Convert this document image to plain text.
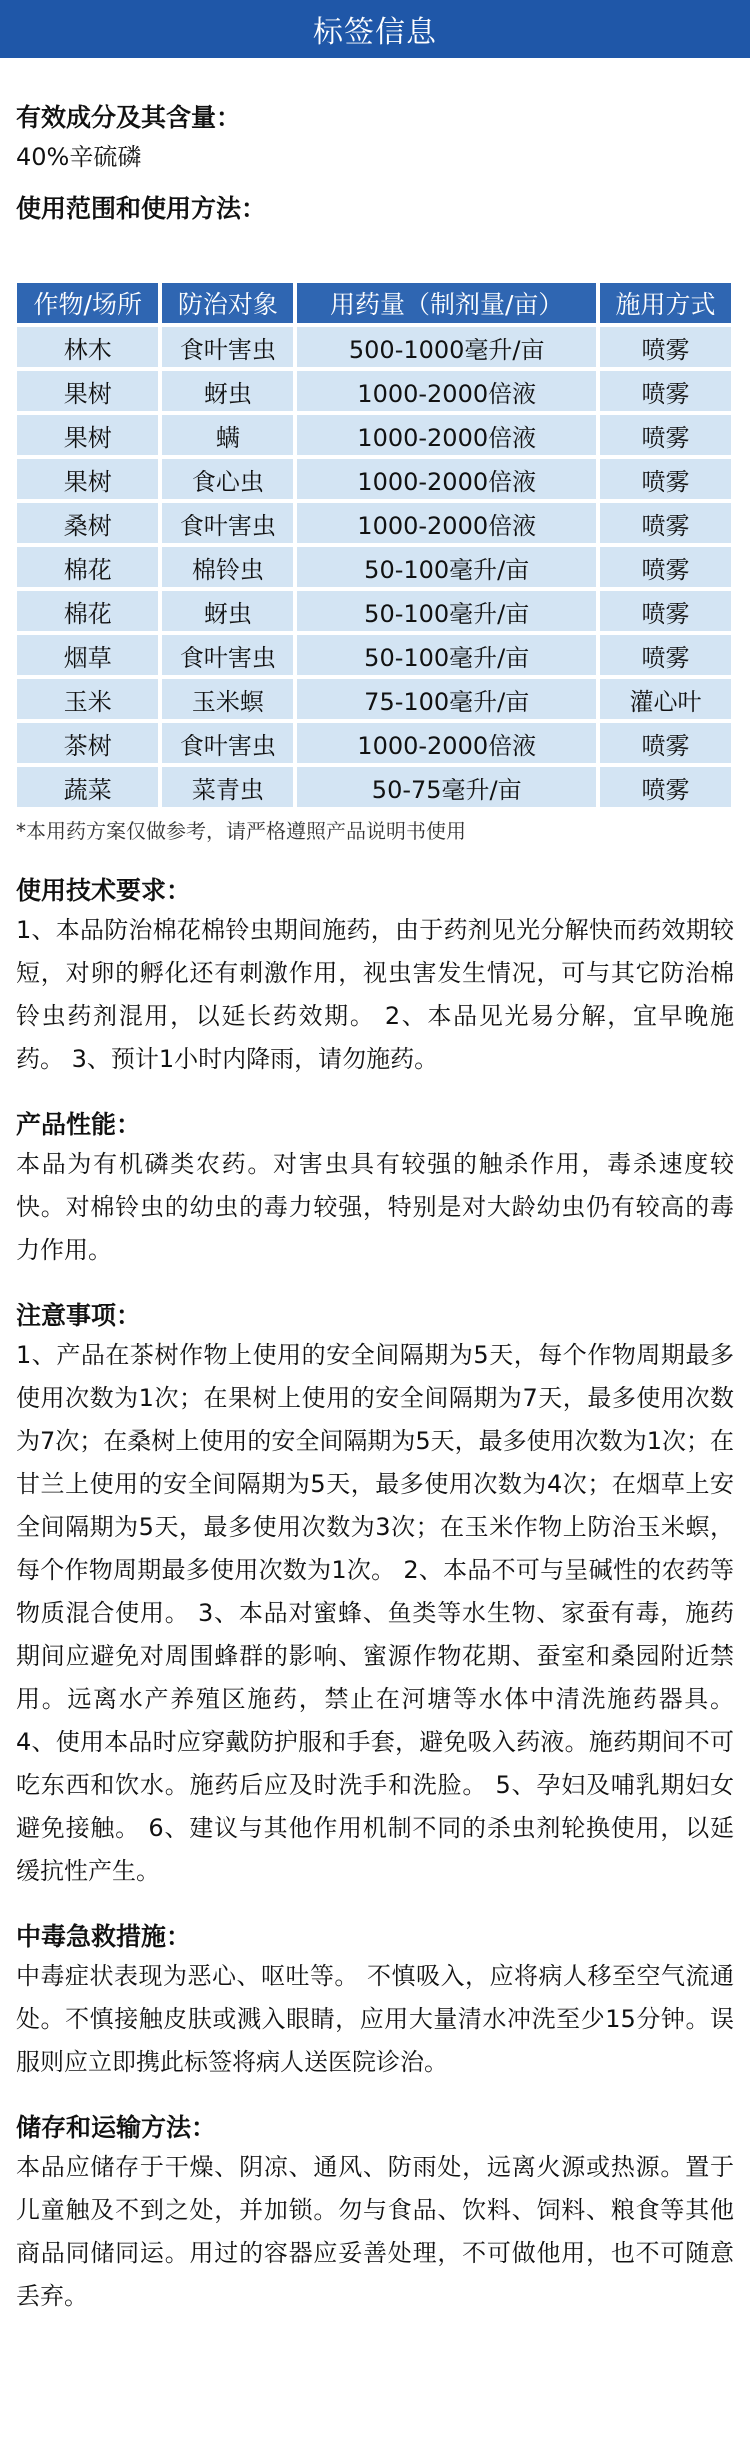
标签信息

有效成分及其含量：

40%辛硫磷

使用范围和使用方法：

作物/场所	防治对象	用药量（制剂量/亩）	施用方式
林木	食叶害虫	500-1000毫升/亩	喷雾
果树	蚜虫	1000-2000倍液	喷雾
果树	螨	1000-2000倍液	喷雾
果树	食心虫	1000-2000倍液	喷雾
桑树	食叶害虫	1000-2000倍液	喷雾
棉花	棉铃虫	50-100毫升/亩	喷雾
棉花	蚜虫	50-100毫升/亩	喷雾
烟草	食叶害虫	50-100毫升/亩	喷雾
玉米	玉米螟	75-100毫升/亩	灌心叶
茶树	食叶害虫	1000-2000倍液	喷雾
蔬菜	菜青虫	50-75毫升/亩	喷雾

*本用药方案仅做参考，请严格遵照产品说明书使用

使用技术要求：

1、本品防治棉花棉铃虫期间施药，由于药剂见光分解快而药效期较短，对卵的孵化还有刺激作用，视虫害发生情况，可与其它防治棉铃虫药剂混用，以延长药效期。 2、本品见光易分解，宜早晚施药。 3、预计1小时内降雨，请勿施药。

产品性能：

本品为有机磷类农药。对害虫具有较强的触杀作用，毒杀速度较快。对棉铃虫的幼虫的毒力较强，特别是对大龄幼虫仍有较高的毒力作用。

注意事项：

1、产品在茶树作物上使用的安全间隔期为5天，每个作物周期最多使用次数为1次；在果树上使用的安全间隔期为7天，最多使用次数为7次；在桑树上使用的安全间隔期为5天，最多使用次数为1次；在甘兰上使用的安全间隔期为5天，最多使用次数为4次；在烟草上安全间隔期为5天，最多使用次数为3次；在玉米作物上防治玉米螟，每个作物周期最多使用次数为1次。 2、本品不可与呈碱性的农药等物质混合使用。 3、本品对蜜蜂、鱼类等水生物、家蚕有毒，施药期间应避免对周围蜂群的影响、蜜源作物花期、蚕室和桑园附近禁用。远离水产养殖区施药，禁止在河塘等水体中清洗施药器具。 4、使用本品时应穿戴防护服和手套，避免吸入药液。施药期间不可吃东西和饮水。施药后应及时洗手和洗脸。 5、孕妇及哺乳期妇女避免接触。 6、建议与其他作用机制不同的杀虫剂轮换使用，以延缓抗性产生。

中毒急救措施：

中毒症状表现为恶心、呕吐等。 不慎吸入，应将病人移至空气流通处。不慎接触皮肤或溅入眼睛，应用大量清水冲洗至少15分钟。误服则应立即携此标签将病人送医院诊治。

储存和运输方法：

本品应储存于干燥、阴凉、通风、防雨处，远离火源或热源。置于儿童触及不到之处，并加锁。勿与食品、饮料、饲料、粮食等其他商品同储同运。用过的容器应妥善处理，不可做他用，也不可随意丢弃。
